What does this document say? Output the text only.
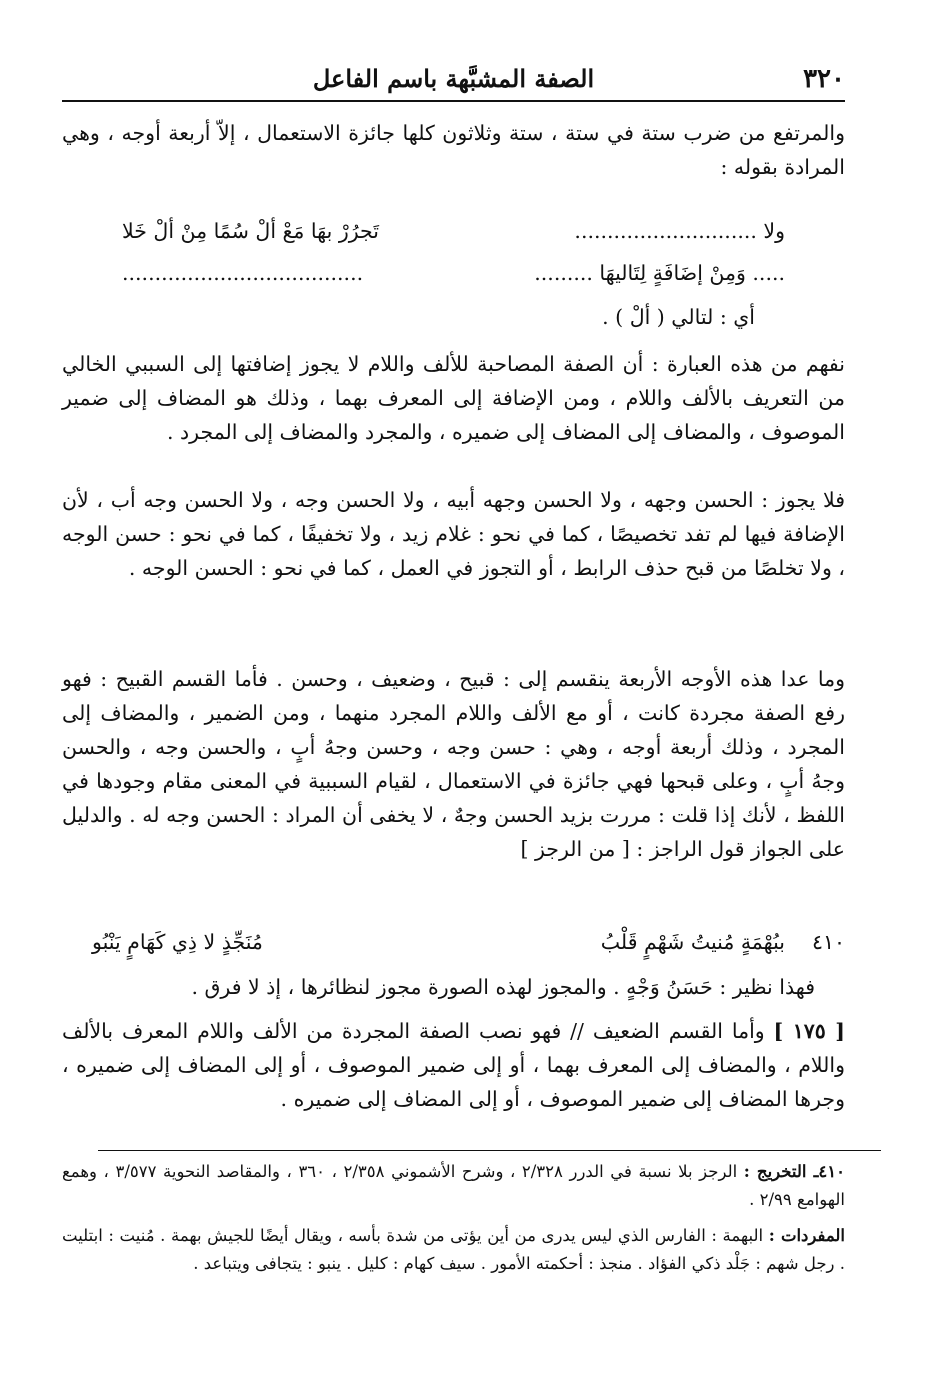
٣٢٠
الصفة المشبَّهة باسم الفاعل

والمرتفع من ضرب ستة في ستة ، ستة وثلاثون كلها جائزة الاستعمال ، إلاّ أربعة أوجه ، وهي المرادة بقوله :

ولا ............................
تَجرُرْ بهَا مَعْ ألْ سُمًا مِنْ ألْ خَلا
..... وَمِنْ إضَافَةٍ لِتَاليهَا .........
.....................................
أي : لتالي ( ألْ ) .

نفهم من هذه العبارة : أن الصفة المصاحبة للألف واللام لا يجوز إضافتها إلى السببي الخالي من التعريف بالألف واللام ، ومن الإضافة إلى المعرف بهما ، وذلك هو المضاف إلى ضمير الموصوف ، والمضاف إلى المضاف إلى ضميره ، والمجرد والمضاف إلى المجرد .

فلا يجوز : الحسن وجهه ، ولا الحسن وجهه أبيه ، ولا الحسن وجه ، ولا الحسن وجه أب ، لأن الإضافة فيها لم تفد تخصيصًا ، كما في نحو : غلام زيد ، ولا تخفيفًا ، كما في نحو : حسن الوجه ، ولا تخلصًا من قبح حذف الرابط ، أو التجوز في العمل ، كما في نحو : الحسن الوجه .

وما عدا هذه الأوجه الأربعة ينقسم إلى : قبيح ، وضعيف ، وحسن . فأما القسم القبيح : فهو رفع الصفة مجردة كانت ، أو مع الألف واللام المجرد منهما ، ومن الضمير ، والمضاف إلى المجرد ، وذلك أربعة أوجه ، وهي : حسن وجه ، وحسن وجهُ أبٍ ، والحسن وجه ، والحسن وجهُ أبٍ ، وعلى قبحها فهي جائزة في الاستعمال ، لقيام السببية في المعنى مقام وجودها في اللفظ ، لأنك إذا قلت : مررت بزيد الحسن وجهٌ ، لا يخفى أن المراد : الحسن وجه له . والدليل على الجواز قول الراجز : [ من الرجز ]

٤١٠
ببُهْمَةٍ مُنيتُ شَهْمٍ قَلْبُ
مُنَجِّذٍ لا ذِي كَهَامٍ يَنْبُو
فهذا نظير : حَسَنُ وَجْهٍ . والمجوز لهذه الصورة مجوز لنظائرها ، إذ لا فرق .

[ ١٧٥ ] وأما القسم الضعيف // فهو نصب الصفة المجردة من الألف واللام المعرف بالألف واللام ، والمضاف إلى المعرف بهما ، أو إلى ضمير الموصوف ، أو إلى المضاف إلى ضميره ، وجرها المضاف إلى ضمير الموصوف ، أو إلى المضاف إلى ضميره .

٤١٠ـ التخريج : الرجز بلا نسبة في الدرر ٢/٣٢٨ ، وشرح الأشموني ٢/٣٥٨ ، ٣٦٠ ، والمقاصد النحوية ٣/٥٧٧ ، وهمع الهوامع ٢/٩٩ .

المفردات : البهمة : الفارس الذي ليس يدرى من أين يؤتى من شدة بأسه ، ويقال أيضًا للجيش بهمة . مُنيت : ابتليت . رجل شهم : جَلْد ذكي الفؤاد . منجذ : أحكمته الأمور . سيف كهام : كليل . ينبو : يتجافى ويتباعد .
